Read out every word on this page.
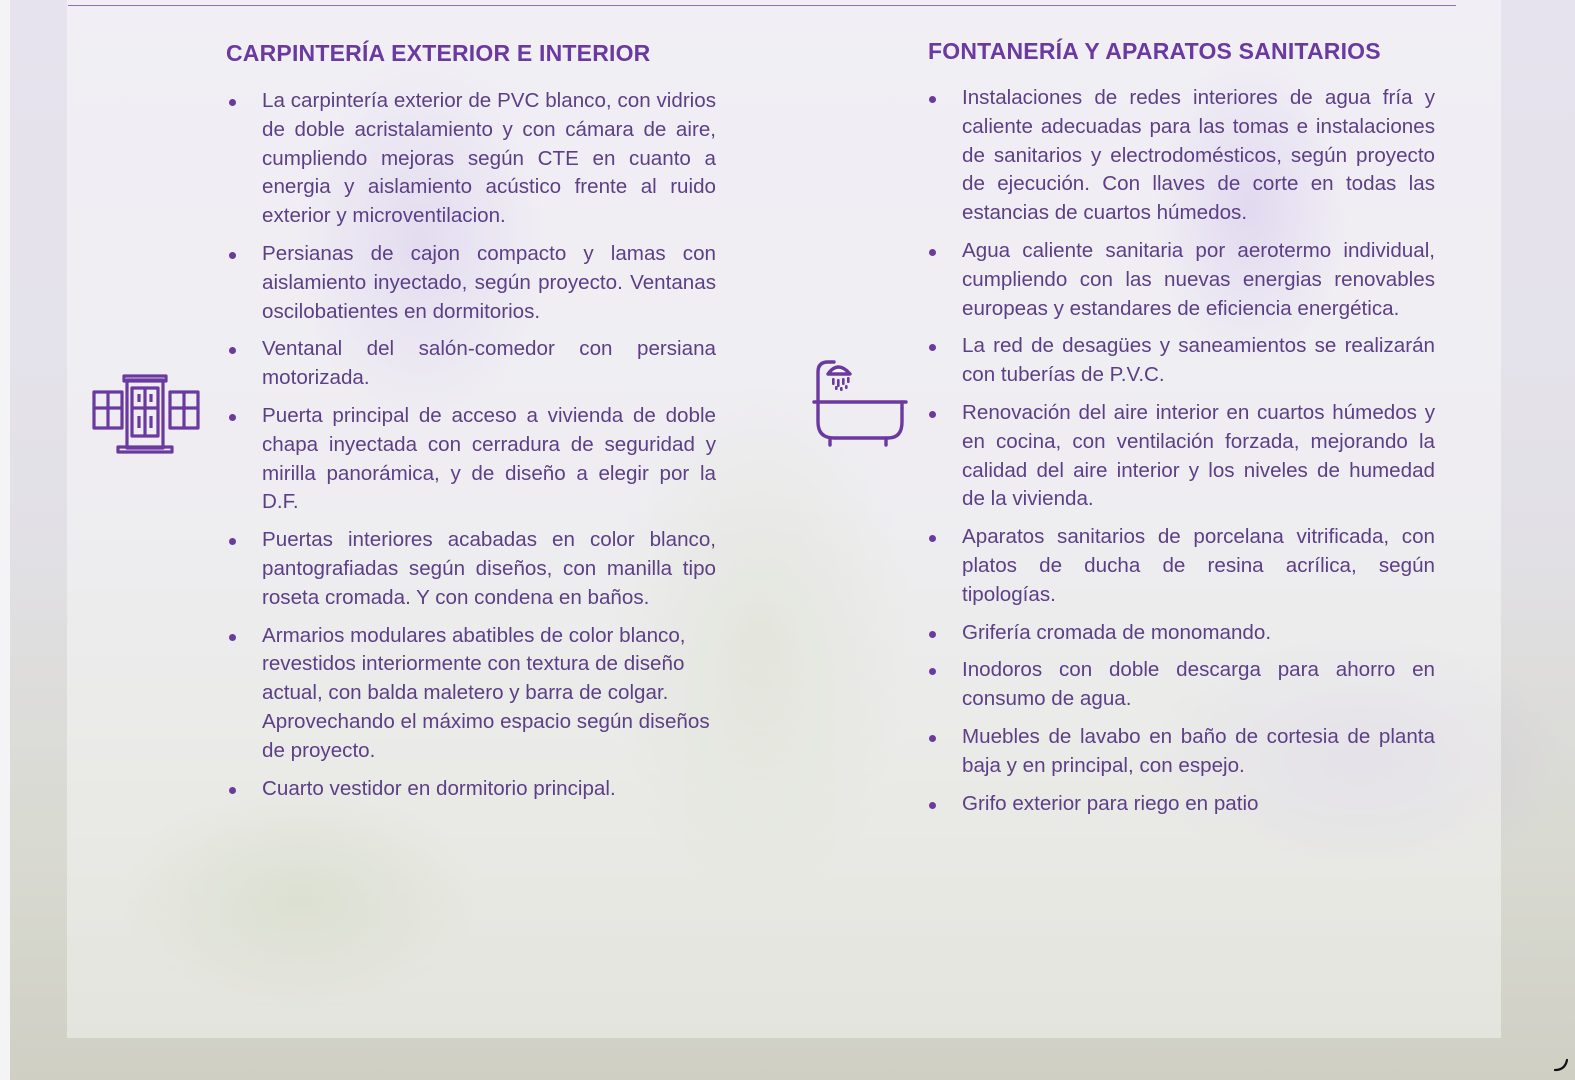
CARPINTERÍA EXTERIOR E INTERIOR
La carpintería exterior de PVC blanco, con vidrios de doble acristalamiento y con cámara de aire, cumpliendo mejoras según CTE en cuanto a energia y aislamiento acústico frente al ruido exterior y microventilacion.
Persianas de cajon compacto y lamas con aislamiento inyectado, según proyecto. Ventanas oscilobatientes en dormitorios.
Ventanal del salón-comedor con persiana motorizada.
Puerta principal de acceso a vivienda de doble chapa inyectada con cerradura de seguridad y mirilla panorámica, y de diseño a elegir por la D.F.
Puertas interiores acabadas en color blanco, pantografiadas según diseños, con manilla tipo roseta cromada. Y con condena en baños.
Armarios modulares abatibles de color blanco, revestidos interiormente con textura de diseño actual, con balda maletero y barra de colgar. Aprovechando el máximo espacio según diseños de proyecto.
Cuarto vestidor en dormitorio principal.
FONTANERÍA Y APARATOS SANITARIOS
Instalaciones de redes interiores de agua fría y caliente adecuadas para las tomas e instalaciones de sanitarios y electrodomésticos, según proyecto de ejecución. Con llaves de corte en todas las estancias de cuartos húmedos.
Agua caliente sanitaria por aerotermo individual, cumpliendo con las nuevas energias renovables europeas y estandares de eficiencia energética.
La red de desagües y saneamientos se realizarán con tuberías de P.V.C.
Renovación del aire interior en cuartos húmedos y en cocina, con ventilación forzada, mejorando la calidad del aire interior y los niveles de humedad de la vivienda.
Aparatos sanitarios de porcelana vitrificada, con platos de ducha de resina acrílica, según tipologías.
Grifería cromada de monomando.
Inodoros con doble descarga para ahorro en consumo de agua.
Muebles de lavabo en baño de cortesia de planta baja y en principal, con espejo.
Grifo exterior para riego en patio
